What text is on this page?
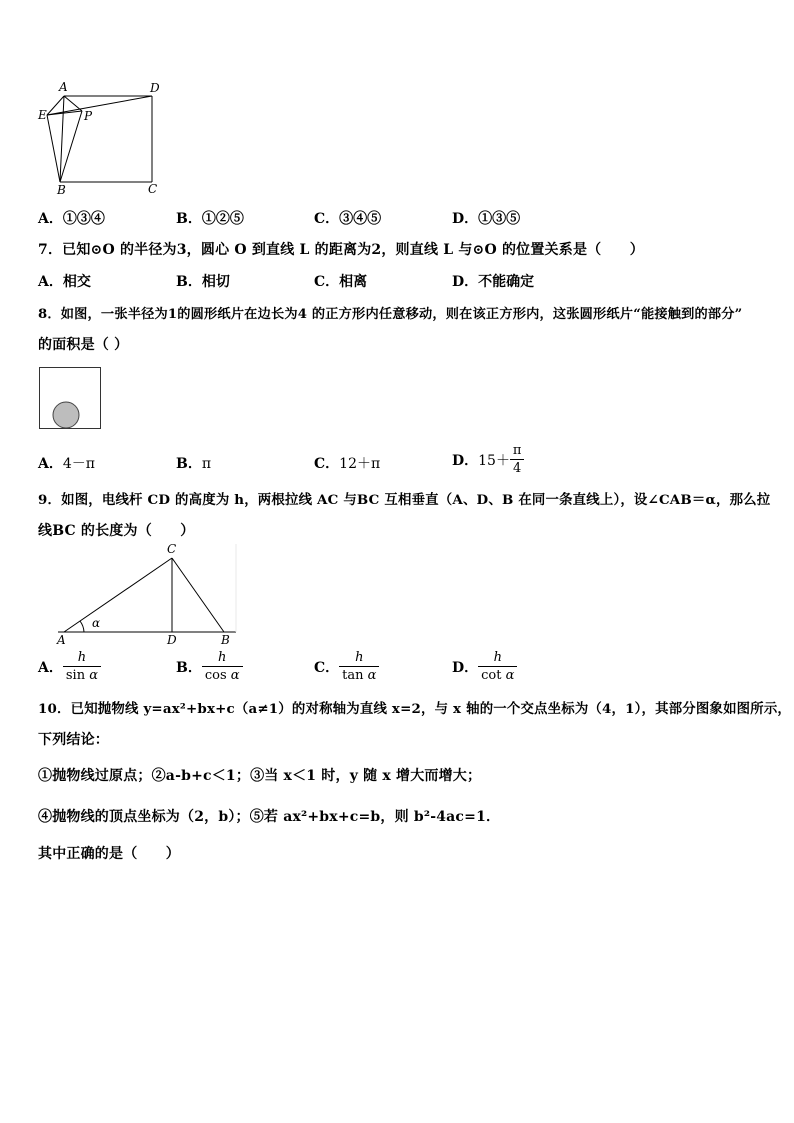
A	D
E	P
B	C
A．①③④	B．①②⑤	C．③④⑤	D．①③⑤
7．已知⊙O 的半径为3，圆心 O 到直线 L 的距离为2，则直线 L 与⊙O 的位置关系是（　　）
A．相交	B．相切	C．相离	D．不能确定
8．如图，一张半径为1的圆形纸片在边长为4 的正方形内任意移动，则在该正方形内，这张圆形纸片“能接触到的部分”
的面积是（ ）
A．4－π	B．π	C．12＋π	D．$15+ \frac{\pi}{4}$
9．如图，电线杆 CD 的高度为 h，两根拉线 AC 与BC 互相垂直（A、D、B 在同一条直线上），设∠CAB＝α，那么拉
线BC 的长度为（　　）
C
A	D	B
α
A． $\frac{h}{\text{sin α}}$	B． $\frac{h}{\text{cos α}}$	C． $\frac{h}{\text{tan α}}$	D． $\frac{h}{\text{cot α}}$
10．已知抛物线 y=ax²+bx+c（a≠1）的对称轴为直线 x=2，与 x 轴的一个交点坐标为（4，1），其部分图象如图所示，
下列结论：
①抛物线过原点；②a-b+c＜1；③当 x＜1 时，y 随 x 增大而增大；
④抛物线的顶点坐标为（2，b）；⑤若 ax²+bx+c=b，则 b²-4ac=1．
其中正确的是（　　）
